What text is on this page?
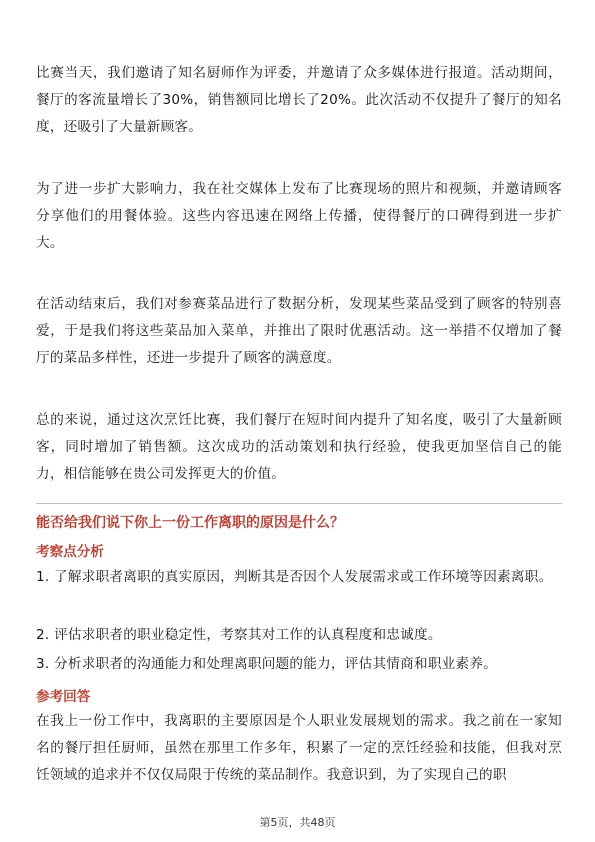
比赛当天，我们邀请了知名厨师作为评委，并邀请了众多媒体进行报道。活动期间，餐厅的客流量增长了30%，销售额同比增长了20%。此次活动不仅提升了餐厅的知名度，还吸引了大量新顾客。

为了进一步扩大影响力，我在社交媒体上发布了比赛现场的照片和视频，并邀请顾客分享他们的用餐体验。这些内容迅速在网络上传播，使得餐厅的口碑得到进一步扩大。

在活动结束后，我们对参赛菜品进行了数据分析，发现某些菜品受到了顾客的特别喜爱，于是我们将这些菜品加入菜单，并推出了限时优惠活动。这一举措不仅增加了餐厅的菜品多样性，还进一步提升了顾客的满意度。

总的来说，通过这次烹饪比赛，我们餐厅在短时间内提升了知名度，吸引了大量新顾客，同时增加了销售额。这次成功的活动策划和执行经验，使我更加坚信自己的能力，相信能够在贵公司发挥更大的价值。

能否给我们说下你上一份工作离职的原因是什么？

考察点分析

1. 了解求职者离职的真实原因，判断其是否因个人发展需求或工作环境等因素离职。

2. 评估求职者的职业稳定性，考察其对工作的认真程度和忠诚度。

3. 分析求职者的沟通能力和处理离职问题的能力，评估其情商和职业素养。

参考回答

在我上一份工作中，我离职的主要原因是个人职业发展规划的需求。我之前在一家知名的餐厅担任厨师，虽然在那里工作多年，积累了一定的烹饪经验和技能，但我对烹饪领域的追求并不仅仅局限于传统的菜品制作。我意识到，为了实现自己的职

第5页，共48页
